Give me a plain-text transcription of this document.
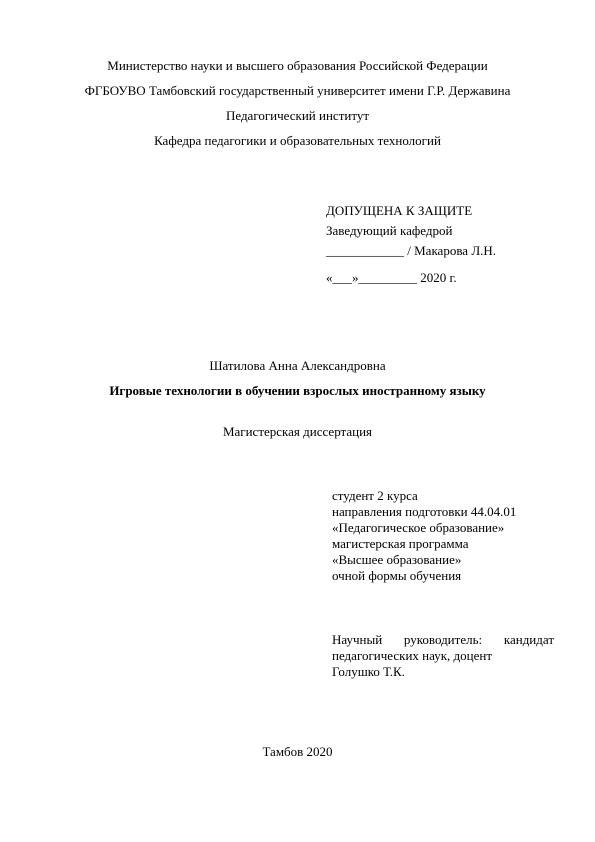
Министерство науки и высшего образования Российской Федерации
ФГБОУВО Тамбовский государственный университет имени Г.Р. Державина
Педагогический институт
Кафедра педагогики и образовательных технологий
ДОПУЩЕНА К ЗАЩИТЕ
Заведующий кафедрой
____________ / Макарова Л.Н.
«___»_________ 2020 г.
Шатилова Анна Александровна
Игровые технологии в обучении взрослых иностранному языку
Магистерская диссертация
студент 2 курса
направления подготовки 44.04.01
«Педагогическое образование»
магистерская программа
«Высшее образование»
очной формы обучения
Научный руководитель: кандидат
педагогических наук, доцент
Голушко Т.К.
Тамбов 2020
